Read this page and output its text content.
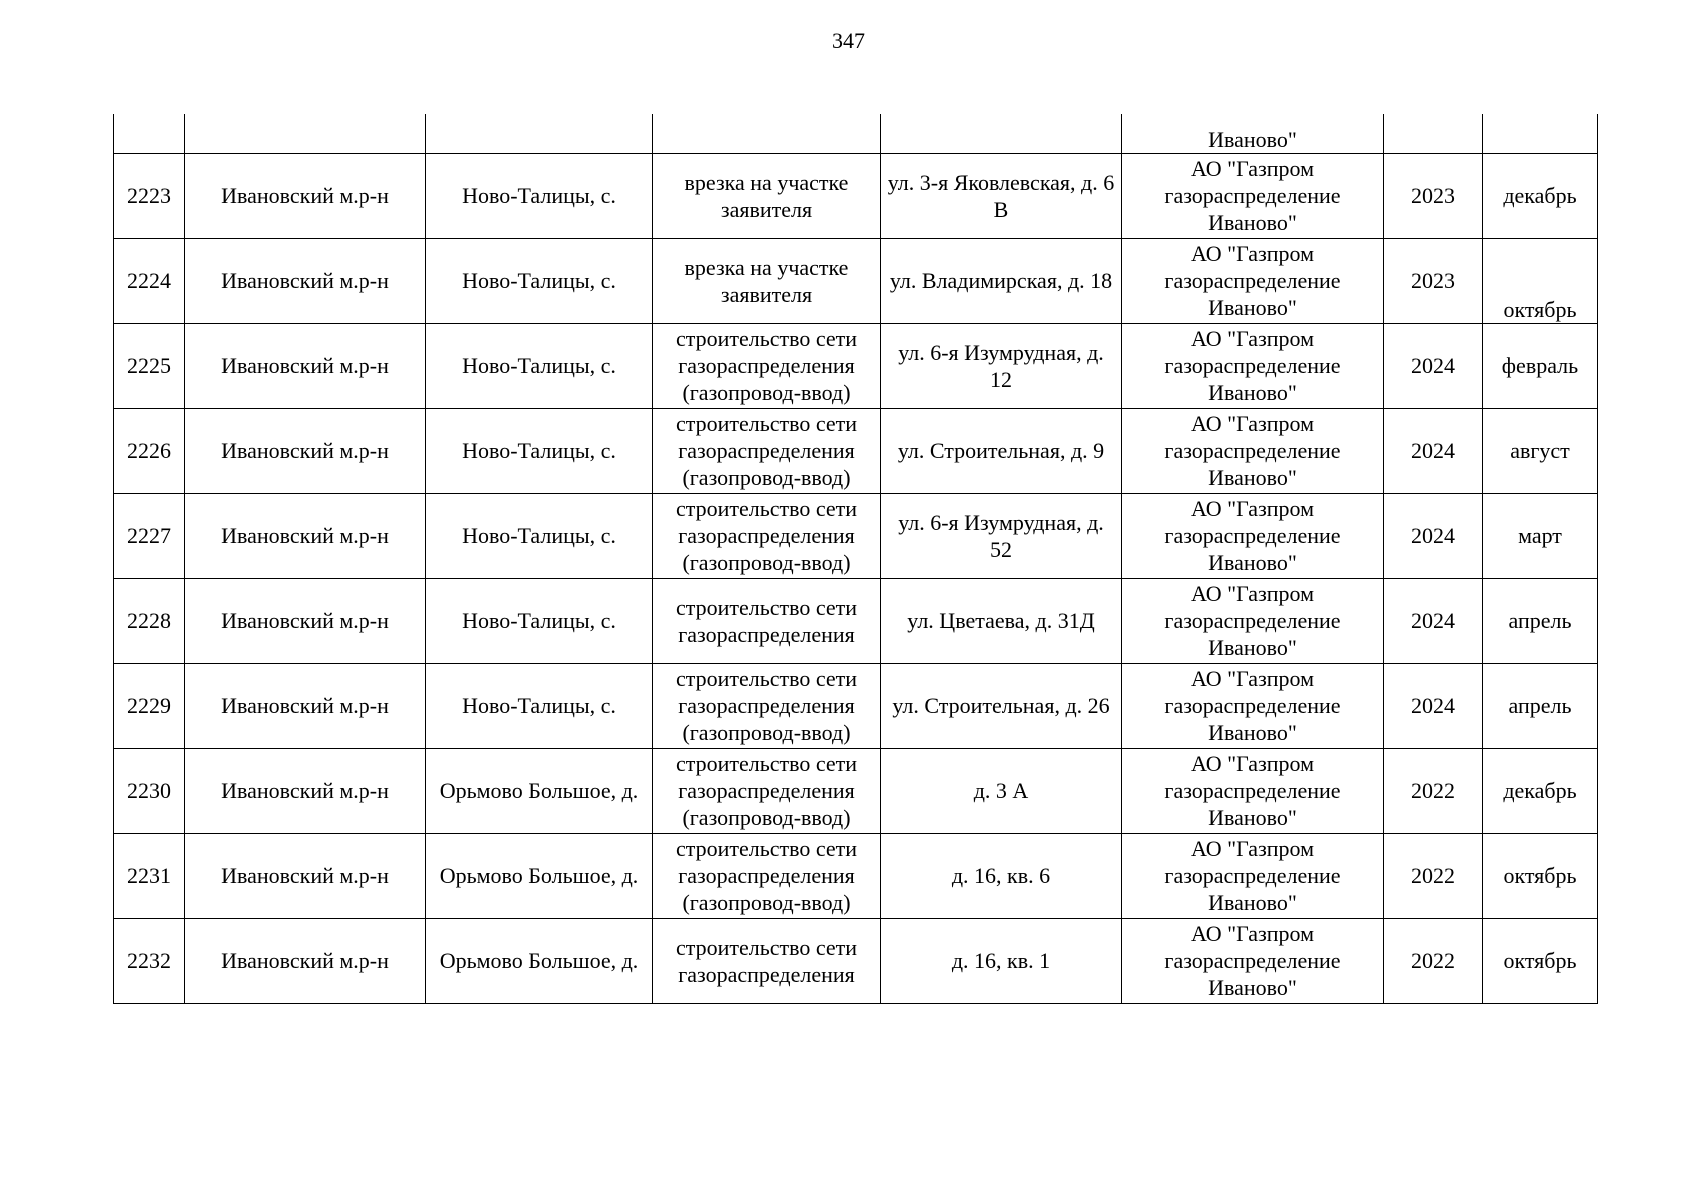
347
					Иваново"		
2223	Ивановский м.р-н	Ново-Талицы, с.	врезка на участке заявителя	ул. 3-я Яковлевская, д. 6 В	АО "Газпром газораспределение Иваново"	2023	декабрь
2224	Ивановский м.р-н	Ново-Талицы, с.	врезка на участке заявителя	ул. Владимирская, д. 18	АО "Газпром газораспределение Иваново"	2023	октябрь
2225	Ивановский м.р-н	Ново-Талицы, с.	строительство сети газораспределения (газопровод-ввод)	ул. 6-я Изумрудная, д. 12	АО "Газпром газораспределение Иваново"	2024	февраль
2226	Ивановский м.р-н	Ново-Талицы, с.	строительство сети газораспределения (газопровод-ввод)	ул. Строительная, д. 9	АО "Газпром газораспределение Иваново"	2024	август
2227	Ивановский м.р-н	Ново-Талицы, с.	строительство сети газораспределения (газопровод-ввод)	ул. 6-я Изумрудная, д. 52	АО "Газпром газораспределение Иваново"	2024	март
2228	Ивановский м.р-н	Ново-Талицы, с.	строительство сети газораспределения	ул. Цветаева, д. 31Д	АО "Газпром газораспределение Иваново"	2024	апрель
2229	Ивановский м.р-н	Ново-Талицы, с.	строительство сети газораспределения (газопровод-ввод)	ул. Строительная, д. 26	АО "Газпром газораспределение Иваново"	2024	апрель
2230	Ивановский м.р-н	Орьмово Большое, д.	строительство сети газораспределения (газопровод-ввод)	д. 3 А	АО "Газпром газораспределение Иваново"	2022	декабрь
2231	Ивановский м.р-н	Орьмово Большое, д.	строительство сети газораспределения (газопровод-ввод)	д. 16, кв. 6	АО "Газпром газораспределение Иваново"	2022	октябрь
2232	Ивановский м.р-н	Орьмово Большое, д.	строительство сети газораспределения	д. 16, кв. 1	АО "Газпром газораспределение Иваново"	2022	октябрь
